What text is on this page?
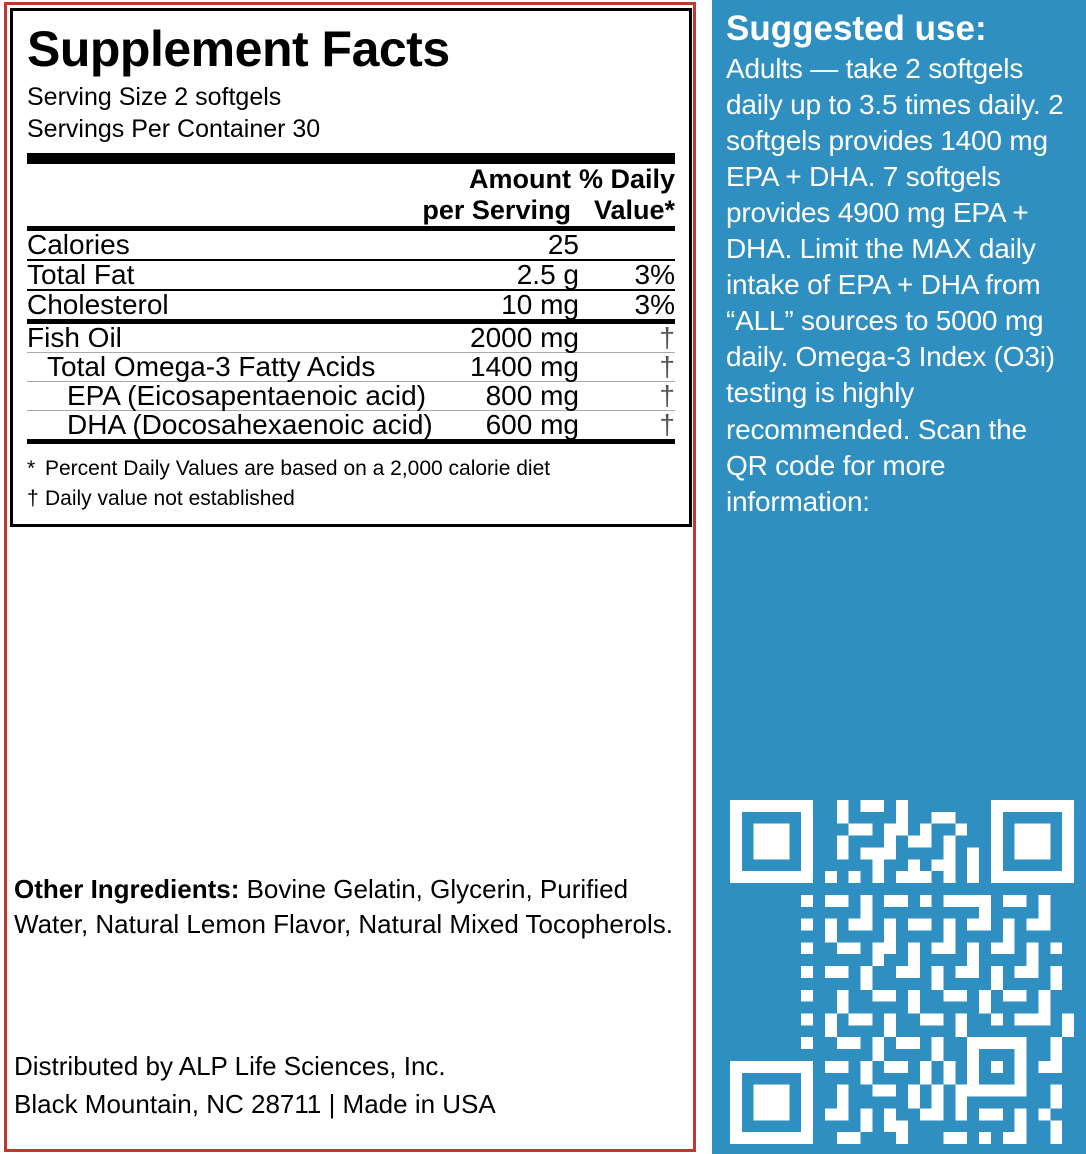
Supplement Facts
Serving Size 2 softgels
Servings Per Container 30

Amount
per Serving

% Daily
Value*
Calories	25	
Total Fat	2.5 g	3%
Cholesterol	10 mg	3%
Fish Oil	2000 mg	†
Total Omega-3 Fatty Acids	1400 mg	†
EPA (Eicosapentaenoic acid)	800 mg	†
DHA (Docosahexaenoic acid)	600 mg	†
* Percent Daily Values are based on a 2,000 calorie diet
† Daily value not established
Other Ingredients: Bovine Gelatin, Glycerin, Purified Water, Natural Lemon Flavor, Natural Mixed Tocopherols.
Distributed by ALP Life Sciences, Inc.
Black Mountain, NC 28711 | Made in USA
Suggested use:
Adults — take 2 softgels daily up to 3.5 times daily. 2 softgels provides 1400 mg EPA + DHA. 7 softgels provides 4900 mg EPA + DHA. Limit the MAX daily intake of EPA + DHA from “ALL” sources to 5000 mg daily. Omega-3 Index (O3i) testing is highly recommended. Scan the QR code for more information:
